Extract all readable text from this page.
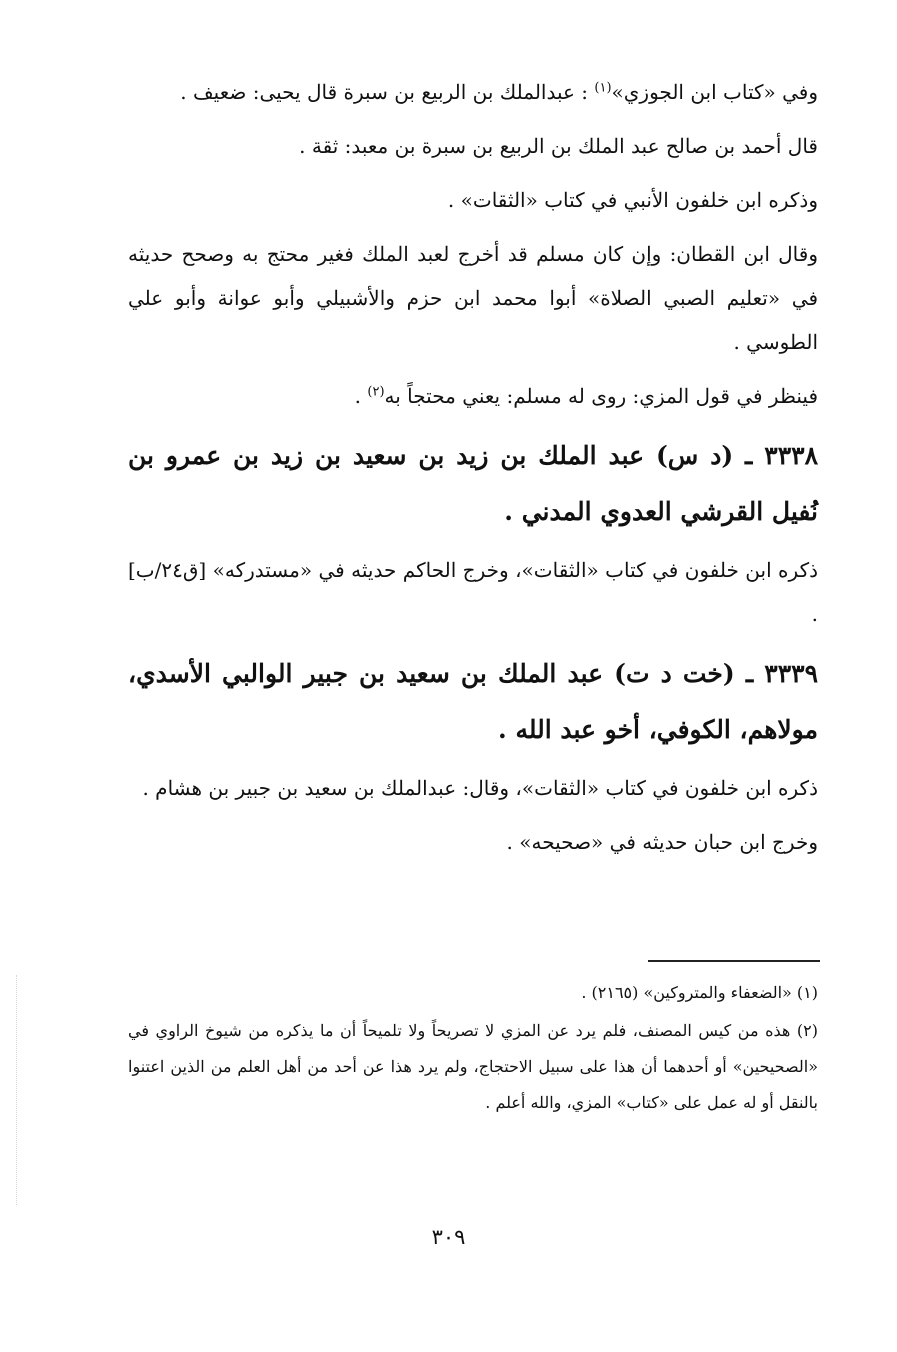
وفي «كتاب ابن الجوزي»$^{(١)}$ : عبدالملك بن الربيع بن سبرة قال يحيى: ضعيف .

قال أحمد بن صالح عبد الملك بن الربيع بن سبرة بن معبد: ثقة .

وذكره ابن خلفون الأنبي في كتاب «الثقات» .

وقال ابن القطان: وإن كان مسلم قد أخرج لعبد الملك فغير محتج به وصحح حديثه في «تعليم الصبي الصلاة» أبوا محمد ابن حزم والأشبيلي وأبو عوانة وأبو علي الطوسي .

فينظر في قول المزي: روى له مسلم: يعني محتجاً به$^{(٢)}$ .

٣٣٣٨ ـ (د س) عبد الملك بن زيد بن سعيد بن زيد بن عمرو بن نُفيل القرشي العدوي المدني .

ذكره ابن خلفون في كتاب «الثقات»، وخرج الحاكم حديثه في «مستدركه» [ق٢٤/ب] .

٣٣٣٩ ـ (خت د ت) عبد الملك بن سعيد بن جبير الوالبي الأسدي، مولاهم، الكوفي، أخو عبد الله .

ذكره ابن خلفون في كتاب «الثقات»، وقال: عبدالملك بن سعيد بن جبير بن هشام .

وخرج ابن حبان حديثه في «صحيحه» .

(١) «الضعفاء والمتروكين» (٢١٦٥) .

(٢) هذه من كيس المصنف، فلم يرد عن المزي لا تصريحاً ولا تلميحاً أن ما يذكره من شيوخ الراوي في «الصحيحين» أو أحدهما أن هذا على سبيل الاحتجاج، ولم يرد هذا عن أحد من أهل العلم من الذين اعتنوا بالنقل أو له عمل على «كتاب» المزي، والله أعلم .

٣٠٩
